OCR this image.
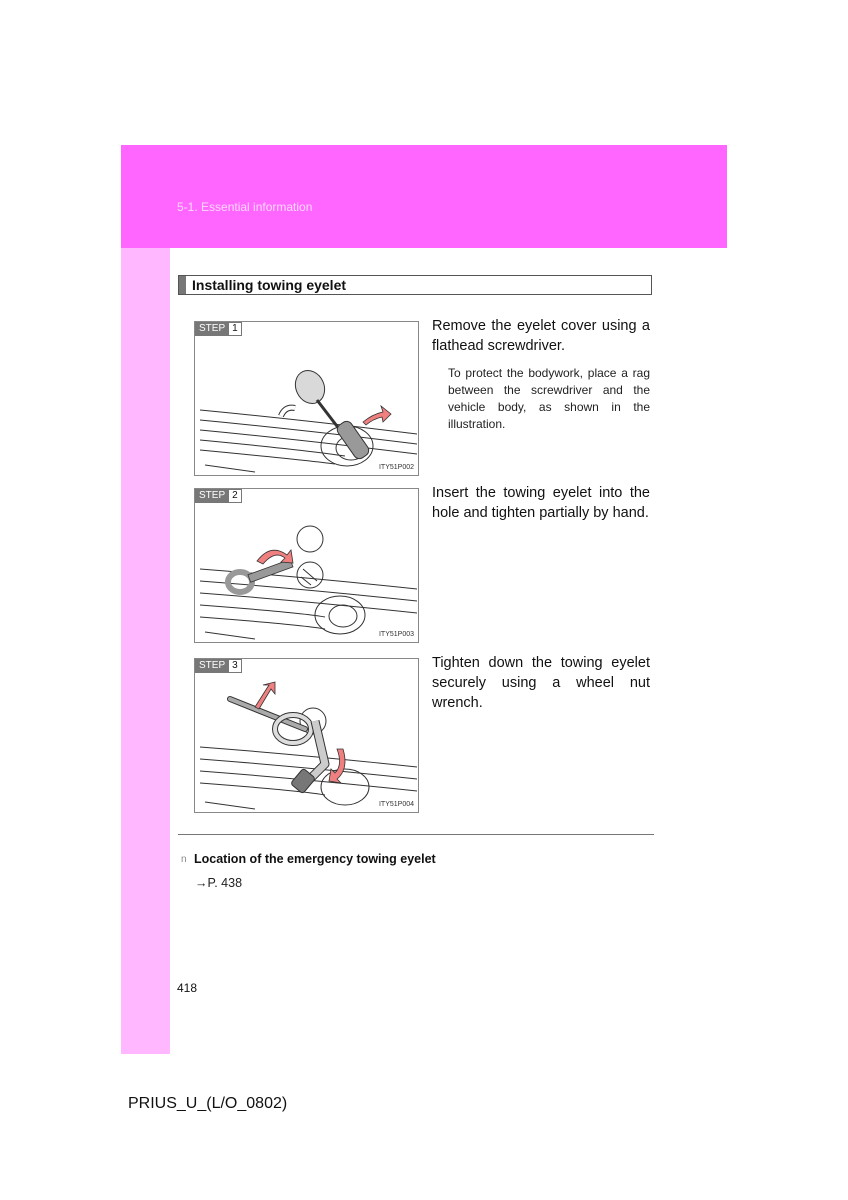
5-1. Essential information
Installing towing eyelet
STEP 1
ITY51P002
Remove the eyelet cover using a flathead screwdriver.
To protect the bodywork, place a rag between the screwdriver and the vehicle body, as shown in the illustration.
STEP 2
ITY51P003
Insert the towing eyelet into the hole and tighten partially by hand.
STEP 3
ITY51P004
Tighten down the towing eyelet securely using a wheel nut wrench.
n Location of the emergency towing eyelet
→P. 438
418
PRIUS_U_(L/O_0802)
